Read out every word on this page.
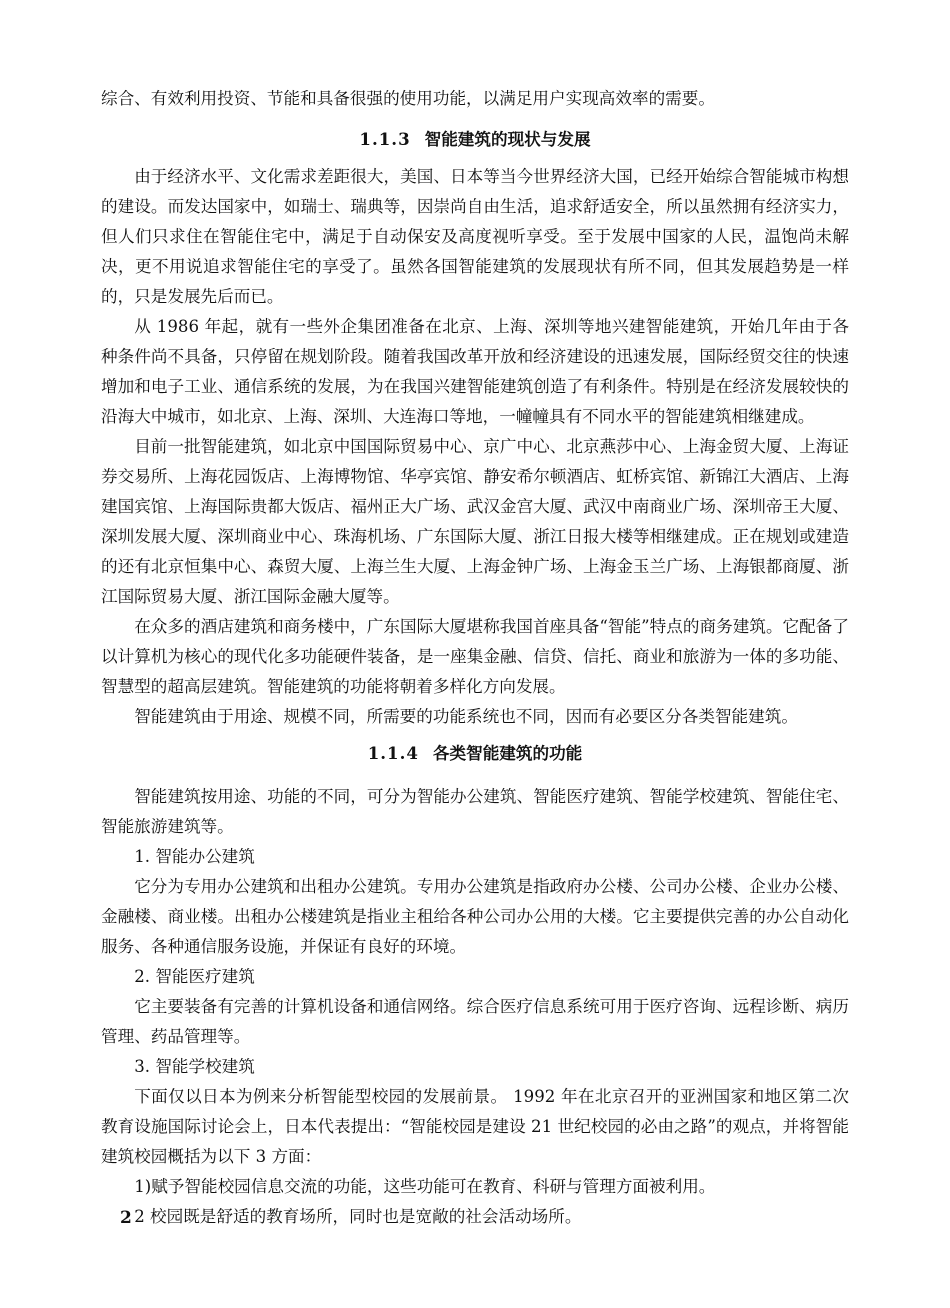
综合、有效利用投资、节能和具备很强的使用功能，以满足用户实现高效率的需要。

1.1.3 智能建筑的现状与发展

由于经济水平、文化需求差距很大，美国、日本等当今世界经济大国，已经开始综合智能城市构想的建设。而发达国家中，如瑞士、瑞典等，因崇尚自由生活，追求舒适安全，所以虽然拥有经济实力，但人们只求住在智能住宅中，满足于自动保安及高度视听享受。至于发展中国家的人民，温饱尚未解决，更不用说追求智能住宅的享受了。虽然各国智能建筑的发展现状有所不同，但其发展趋势是一样的，只是发展先后而已。

从 1986 年起，就有一些外企集团准备在北京、上海、深圳等地兴建智能建筑，开始几年由于各种条件尚不具备，只停留在规划阶段。随着我国改革开放和经济建设的迅速发展，国际经贸交往的快速增加和电子工业、通信系统的发展，为在我国兴建智能建筑创造了有利条件。特别是在经济发展较快的沿海大中城市，如北京、上海、深圳、大连海口等地，一幢幢具有不同水平的智能建筑相继建成。

目前一批智能建筑，如北京中国国际贸易中心、京广中心、北京燕莎中心、上海金贸大厦、上海证券交易所、上海花园饭店、上海博物馆、华亭宾馆、静安希尔顿酒店、虹桥宾馆、新锦江大酒店、上海建国宾馆、上海国际贵都大饭店、福州正大广场、武汉金宫大厦、武汉中南商业广场、深圳帝王大厦、深圳发展大厦、深圳商业中心、珠海机场、广东国际大厦、浙江日报大楼等相继建成。正在规划或建造的还有北京恒集中心、森贸大厦、上海兰生大厦、上海金钟广场、上海金玉兰广场、上海银都商厦、浙江国际贸易大厦、浙江国际金融大厦等。

在众多的酒店建筑和商务楼中，广东国际大厦堪称我国首座具备“智能”特点的商务建筑。它配备了以计算机为核心的现代化多功能硬件装备，是一座集金融、信贷、信托、商业和旅游为一体的多功能、智慧型的超高层建筑。智能建筑的功能将朝着多样化方向发展。

智能建筑由于用途、规模不同，所需要的功能系统也不同，因而有必要区分各类智能建筑。

1.1.4 各类智能建筑的功能

智能建筑按用途、功能的不同，可分为智能办公建筑、智能医疗建筑、智能学校建筑、智能住宅、智能旅游建筑等。

1. 智能办公建筑

它分为专用办公建筑和出租办公建筑。专用办公建筑是指政府办公楼、公司办公楼、企业办公楼、金融楼、商业楼。出租办公楼建筑是指业主租给各种公司办公用的大楼。它主要提供完善的办公自动化服务、各种通信服务设施，并保证有良好的环境。

2. 智能医疗建筑

它主要装备有完善的计算机设备和通信网络。综合医疗信息系统可用于医疗咨询、远程诊断、病历管理、药品管理等。

3. 智能学校建筑

下面仅以日本为例来分析智能型校园的发展前景。 1992 年在北京召开的亚洲国家和地区第二次教育设施国际讨论会上，日本代表提出：“智能校园是建设 21 世纪校园的必由之路”的观点，并将智能建筑校园概括为以下 3 方面：

1)赋予智能校园信息交流的功能，这些功能可在教育、科研与管理方面被利用。

2 校园既是舒适的教育场所，同时也是宽敞的社会活动场所。

2
